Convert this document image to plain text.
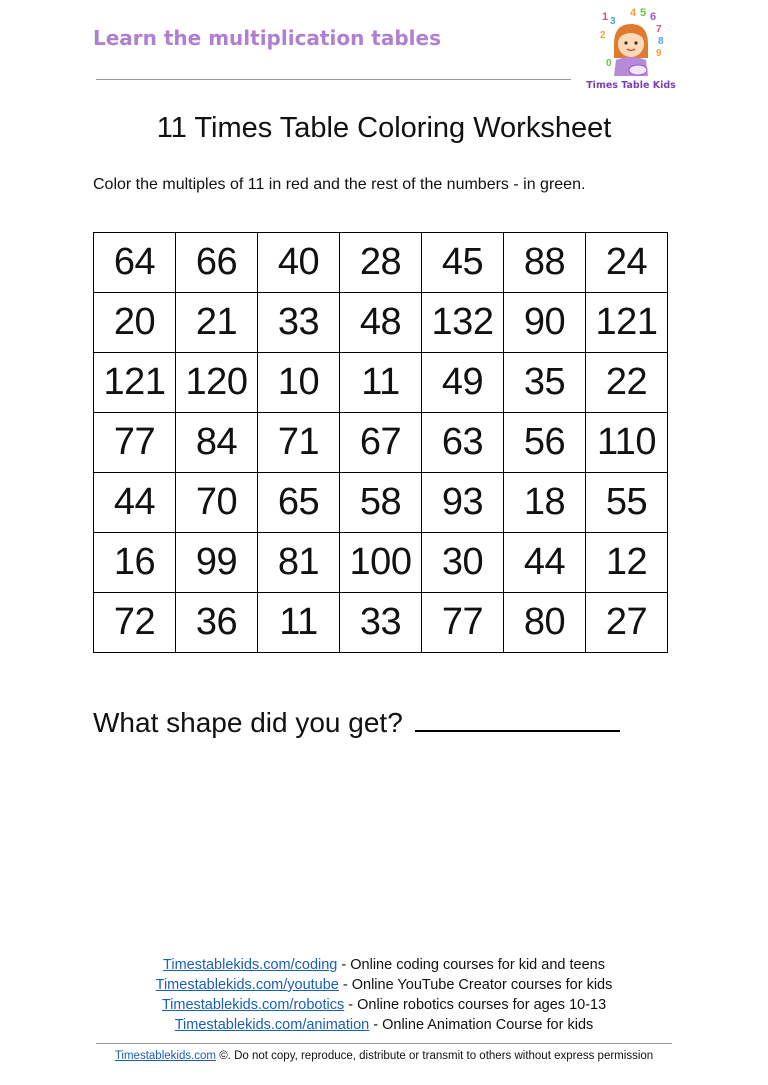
Learn the multiplication tables
1 3
4 5 6
7
8
9
0
2
Times Table Kids
11 Times Table Coloring Worksheet
Color the multiples of 11 in red and the rest of the numbers - in green.
64	66	40	28	45	88	24
20	21	33	48	132	90	121
121	120	10	11	49	35	22
77	84	71	67	63	56	110
44	70	65	58	93	18	55
16	99	81	100	30	44	12
72	36	11	33	77	80	27
What shape did you get?
Timestablekids.com/coding - Online coding courses for kid and teens
Timestablekids.com/youtube - Online YouTube Creator courses for kids
Timestablekids.com/robotics - Online robotics courses for ages 10-13
Timestablekids.com/animation - Online Animation Course for kids
Timestablekids.com ©. Do not copy, reproduce, distribute or transmit to others without express permission
